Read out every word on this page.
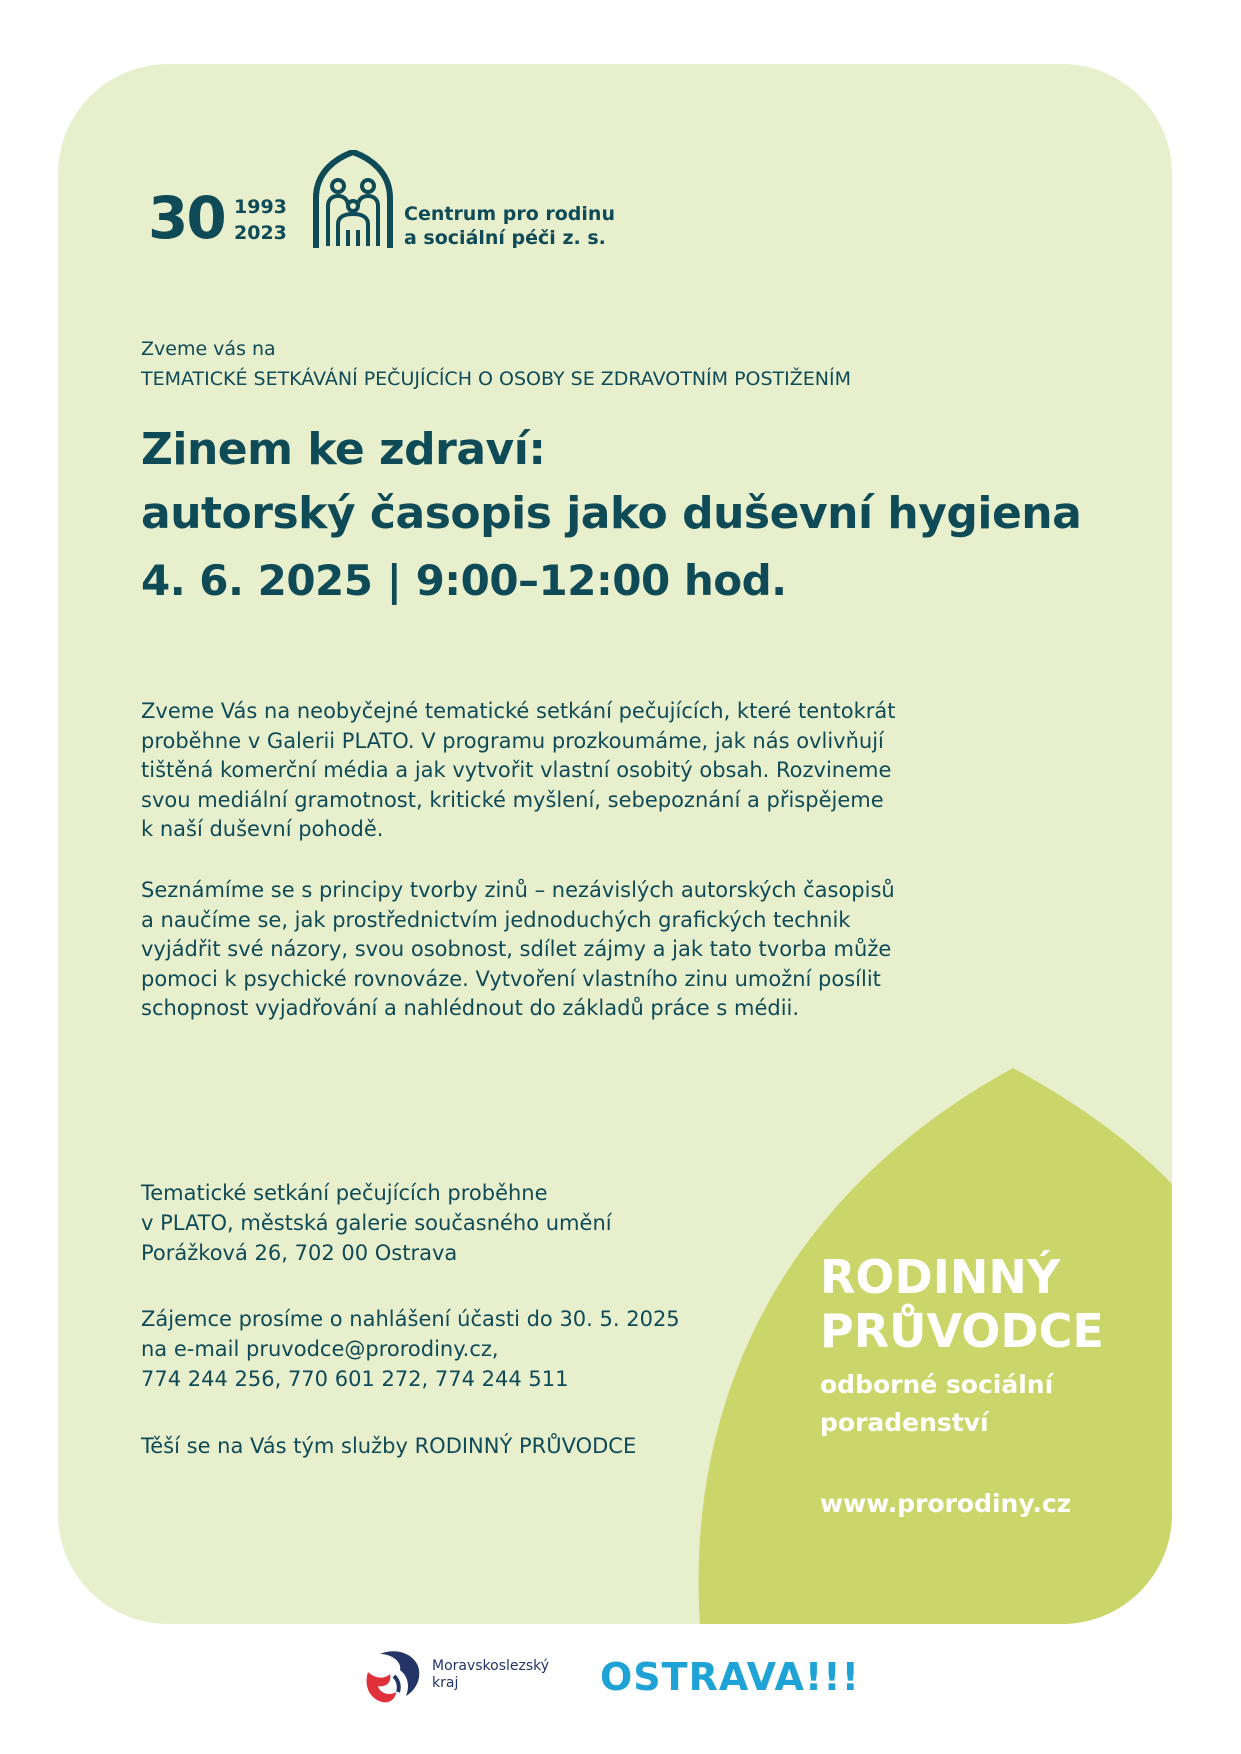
30 1993
2023
Centrum pro rodinu
a sociální péči z. s.
Zveme vás na
TEMATICKÉ SETKÁVÁNÍ PEČUJÍCÍCH O OSOBY SE ZDRAVOTNÍM POSTIŽENÍM
Zinem ke zdraví:
autorský časopis jako duševní hygiena
4. 6. 2025 | 9:00–12:00 hod.
Zveme Vás na neobyčejné tematické setkání pečujících, které tentokrát
proběhne v Galerii PLATO. V programu prozkoumáme, jak nás ovlivňují
tištěná komerční média a jak vytvořit vlastní osobitý obsah. Rozvineme
svou mediální gramotnost, kritické myšlení, sebepoznání a přispějeme
k naší duševní pohodě.
Seznámíme se s principy tvorby zinů – nezávislých autorských časopisů
a naučíme se, jak prostřednictvím jednoduchých grafických technik
vyjádřit své názory, svou osobnost, sdílet zájmy a jak tato tvorba může
pomoci k psychické rovnováze. Vytvoření vlastního zinu umožní posílit
schopnost vyjadřování a nahlédnout do základů práce s médii.
Tematické setkání pečujících proběhne
v PLATO, městská galerie současného umění
Porážková 26, 702 00 Ostrava
Zájemce prosíme o nahlášení účasti do 30. 5. 2025
na e-mail pruvodce@prorodiny.cz,
774 244 256, 770 601 272, 774 244 511
Těší se na Vás tým služby RODINNÝ PRŮVODCE
RODINNÝ
PRŮVODCE
odborné sociální
poradenství
www.prorodiny.cz
Moravskoslezský
kraj	OSTRAVA!!!
